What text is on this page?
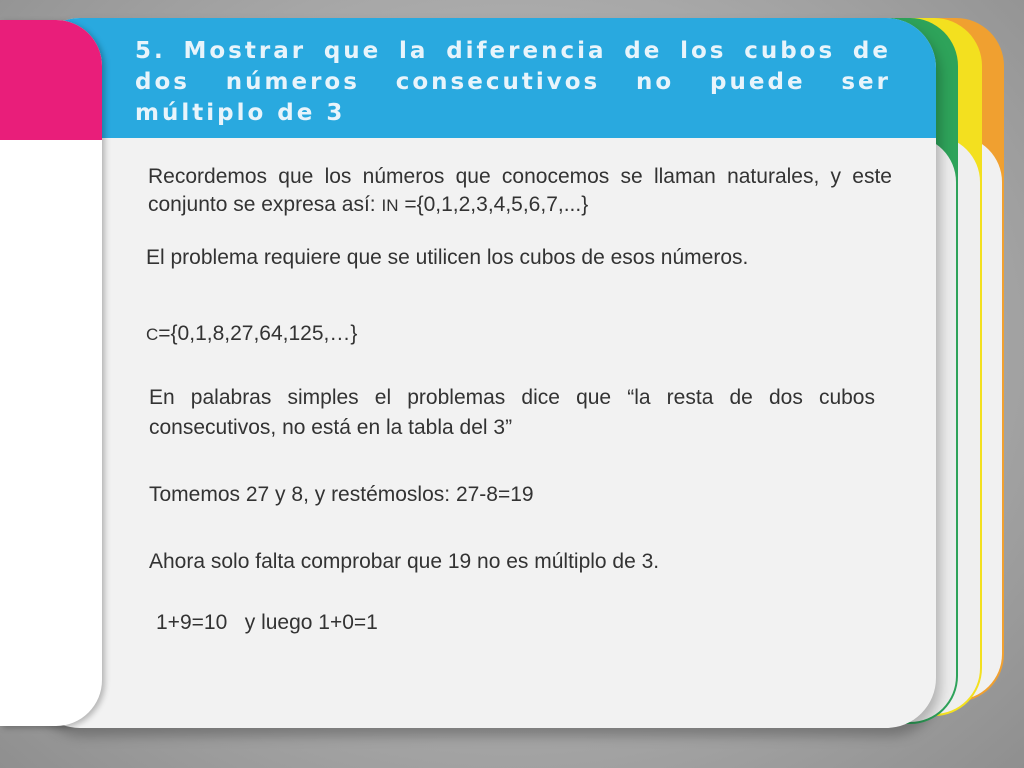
5. Mostrar que la diferencia de los cubos de dos números consecutivos no puede ser múltiplo de 3

Recordemos que los números que conocemos se llaman naturales, y este conjunto se expresa así: IN ={0,1,2,3,4,5,6,7,...}

El problema requiere que se utilicen los cubos de esos números.

C={0,1,8,27,64,125,…}

En palabras simples el problemas dice que “la resta de dos cubos consecutivos, no está en la tabla del 3”

Tomemos 27 y 8, y restémoslos: 27-8=19

Ahora solo falta comprobar que 19 no es múltiplo de 3.

1+9=10   y luego 1+0=1
